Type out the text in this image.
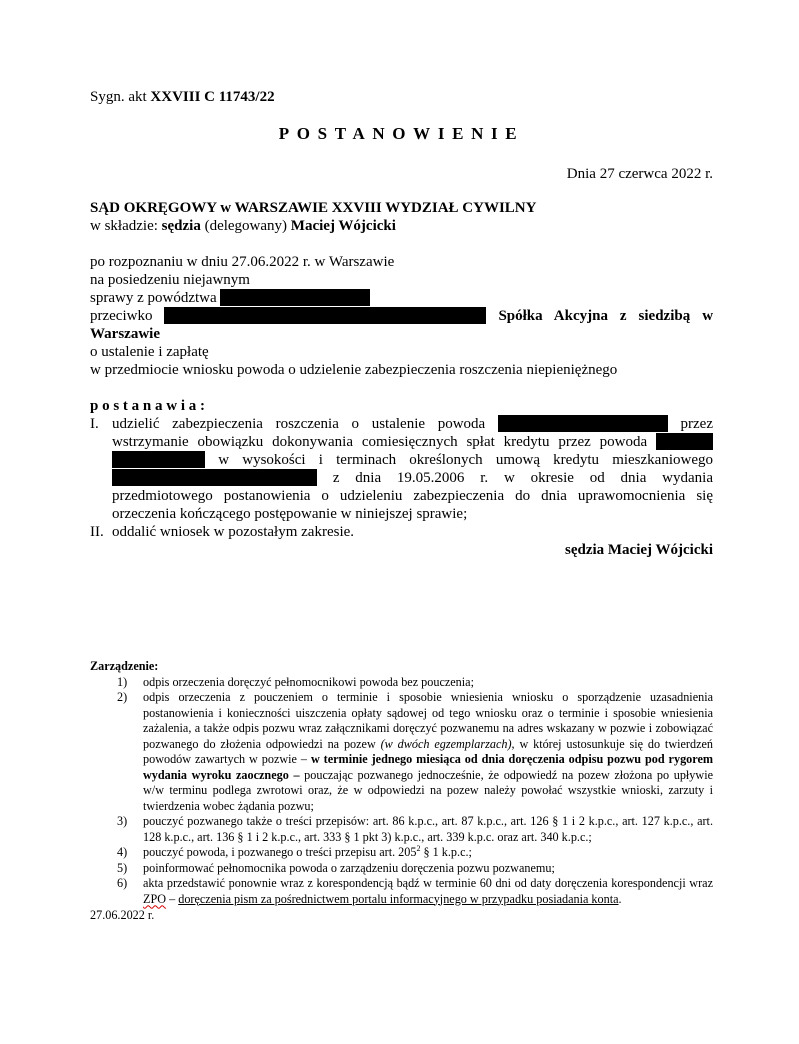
Sygn. akt XXVIII C 11743/22
POSTANOWIENIE
Dnia 27 czerwca 2022 r.
SĄD OKRĘGOWY w WARSZAWIE XXVIII WYDZIAŁ CYWILNY
w składzie: sędzia (delegowany) Maciej Wójcicki
po rozpoznaniu w dniu 27.06.2022 r. w Warszawie
na posiedzeniu niejawnym
sprawy z powództwa
przeciwko	Spółka Akcyjna z siedzibą w
Warszawie
o ustalenie i zapłatę
w przedmiocie wniosku powoda o udzielenie zabezpieczenia roszczenia niepieniężnego
postanawia:
I. udzielić zabezpieczenia roszczenia o ustalenie powoda	przez
wstrzymanie obowiązku dokonywania comiesięcznych spłat kredytu przez powoda
w wysokości i terminach określonych umową kredytu mieszkaniowego
z dnia 19.05.2006 r. w okresie od dnia wydania
przedmiotowego postanowienia o udzieleniu zabezpieczenia do dnia uprawomocnienia się
orzeczenia kończącego postępowanie w niniejszej sprawie;
II. oddalić wniosek w pozostałym zakresie.
sędzia Maciej Wójcicki
Zarządzenie:
1) odpis orzeczenia doręczyć pełnomocnikowi powoda bez pouczenia;
2) odpis orzeczenia z pouczeniem o terminie i sposobie wniesienia wniosku o sporządzenie uzasadnienia postanowienia i konieczności uiszczenia opłaty sądowej od tego wniosku oraz o terminie i sposobie wniesienia zażalenia, a także odpis pozwu wraz załącznikami doręczyć pozwanemu na adres wskazany w pozwie i zobowiązać pozwanego do złożenia odpowiedzi na pozew (w dwóch egzemplarzach), w której ustosunkuje się do twierdzeń powodów zawartych w pozwie – w terminie jednego miesiąca od dnia doręczenia odpisu pozwu pod rygorem wydania wyroku zaocznego – pouczając pozwanego jednocześnie, że odpowiedź na pozew złożona po upływie w/w terminu podlega zwrotowi oraz, że w odpowiedzi na pozew należy powołać wszystkie wnioski, zarzuty i twierdzenia wobec żądania pozwu;
3) pouczyć pozwanego także o treści przepisów: art. 86 k.p.c., art. 87 k.p.c., art. 126 § 1 i 2 k.p.c., art. 127 k.p.c., art. 128 k.p.c., art. 136 § 1 i 2 k.p.c., art. 333 § 1 pkt 3) k.p.c., art. 339 k.p.c. oraz art. 340 k.p.c.;
4) pouczyć powoda, i pozwanego o treści przepisu art. $205^2$ § 1 k.p.c.;
5) poinformować pełnomocnika powoda o zarządzeniu doręczenia pozwu pozwanemu;
6) akta przedstawić ponownie wraz z korespondencją bądź w terminie 60 dni od daty doręczenia korespondencji wraz ZPO – doręczenia pism za pośrednictwem portalu informacyjnego w przypadku posiadania konta.
27.06.2022 r.
